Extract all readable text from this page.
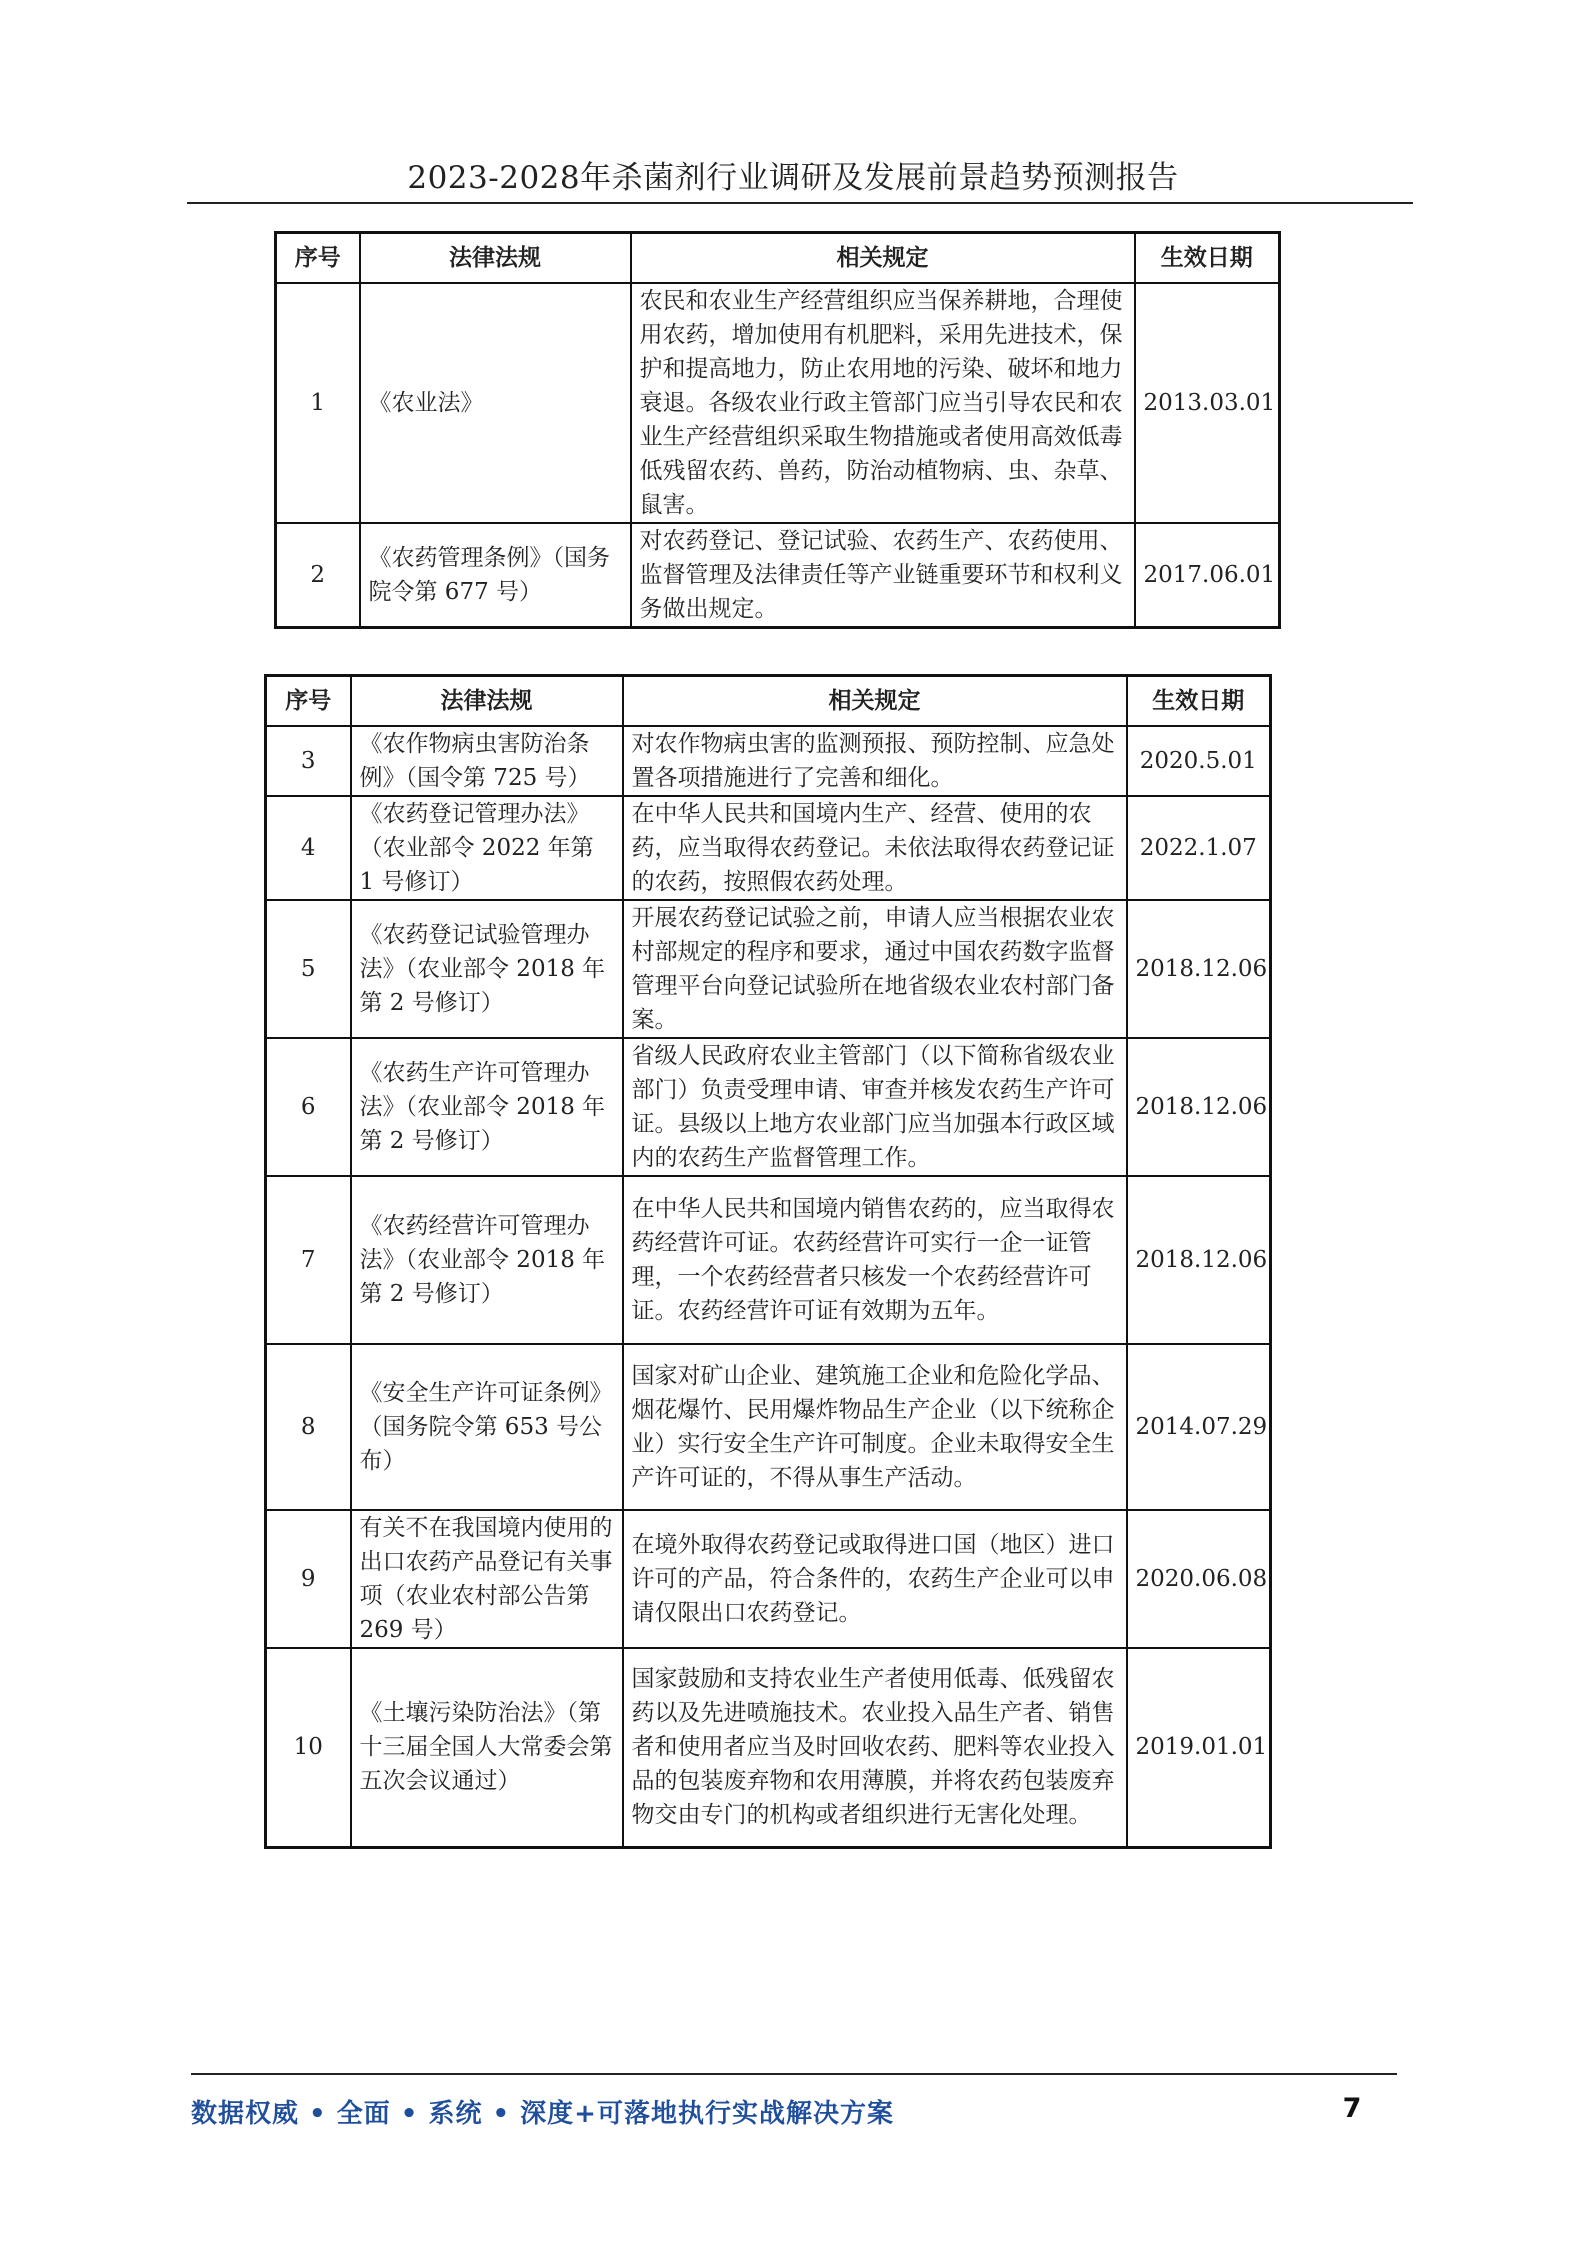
2023-2028年杀菌剂行业调研及发展前景趋势预测报告
序号	法律法规	相关规定	生效日期
1	《农业法》	农民和农业生产经营组织应当保养耕地，合理使用农药，增加使用有机肥料，采用先进技术，保护和提高地力，防止农用地的污染、破坏和地力衰退。各级农业行政主管部门应当引导农民和农业生产经营组织采取生物措施或者使用高效低毒低残留农药、兽药，防治动植物病、虫、杂草、鼠害。	2013.03.01
2	《农药管理条例》（国务院令第 677 号）	对农药登记、登记试验、农药生产、农药使用、监督管理及法律责任等产业链重要环节和权利义务做出规定。	2017.06.01
序号	法律法规	相关规定	生效日期
3	《农作物病虫害防治条例》（国令第 725 号）	对农作物病虫害的监测预报、预防控制、应急处置各项措施进行了完善和细化。	2020.5.01
4	《农药登记管理办法》（农业部令 2022 年第 1 号修订）	在中华人民共和国境内生产、经营、使用的农药，应当取得农药登记。未依法取得农药登记证的农药，按照假农药处理。	2022.1.07
5	《农药登记试验管理办法》（农业部令 2018 年第 2 号修订）	开展农药登记试验之前，申请人应当根据农业农村部规定的程序和要求，通过中国农药数字监督管理平台向登记试验所在地省级农业农村部门备案。	2018.12.06
6	《农药生产许可管理办法》（农业部令 2018 年第 2 号修订）	省级人民政府农业主管部门（以下简称省级农业部门）负责受理申请、审查并核发农药生产许可证。县级以上地方农业部门应当加强本行政区域内的农药生产监督管理工作。	2018.12.06
7	《农药经营许可管理办法》（农业部令 2018 年第 2 号修订）	在中华人民共和国境内销售农药的，应当取得农药经营许可证。农药经营许可实行一企一证管理，一个农药经营者只核发一个农药经营许可证。农药经营许可证有效期为五年。	2018.12.06
8	《安全生产许可证条例》（国务院令第 653 号公布）	国家对矿山企业、建筑施工企业和危险化学品、烟花爆竹、民用爆炸物品生产企业（以下统称企业）实行安全生产许可制度。企业未取得安全生产许可证的，不得从事生产活动。	2014.07.29
9	有关不在我国境内使用的出口农药产品登记有关事项（农业农村部公告第 269 号）	在境外取得农药登记或取得进口国（地区）进口许可的产品，符合条件的，农药生产企业可以申请仅限出口农药登记。	2020.06.08
10	《土壤污染防治法》（第十三届全国人大常委会第五次会议通过）	国家鼓励和支持农业生产者使用低毒、低残留农药以及先进喷施技术。农业投入品生产者、销售者和使用者应当及时回收农药、肥料等农业投入品的包装废弃物和农用薄膜，并将农药包装废弃物交由专门的机构或者组织进行无害化处理。	2019.01.01
数据权威 • 全面 • 系统 • 深度+可落地执行实战解决方案	7
